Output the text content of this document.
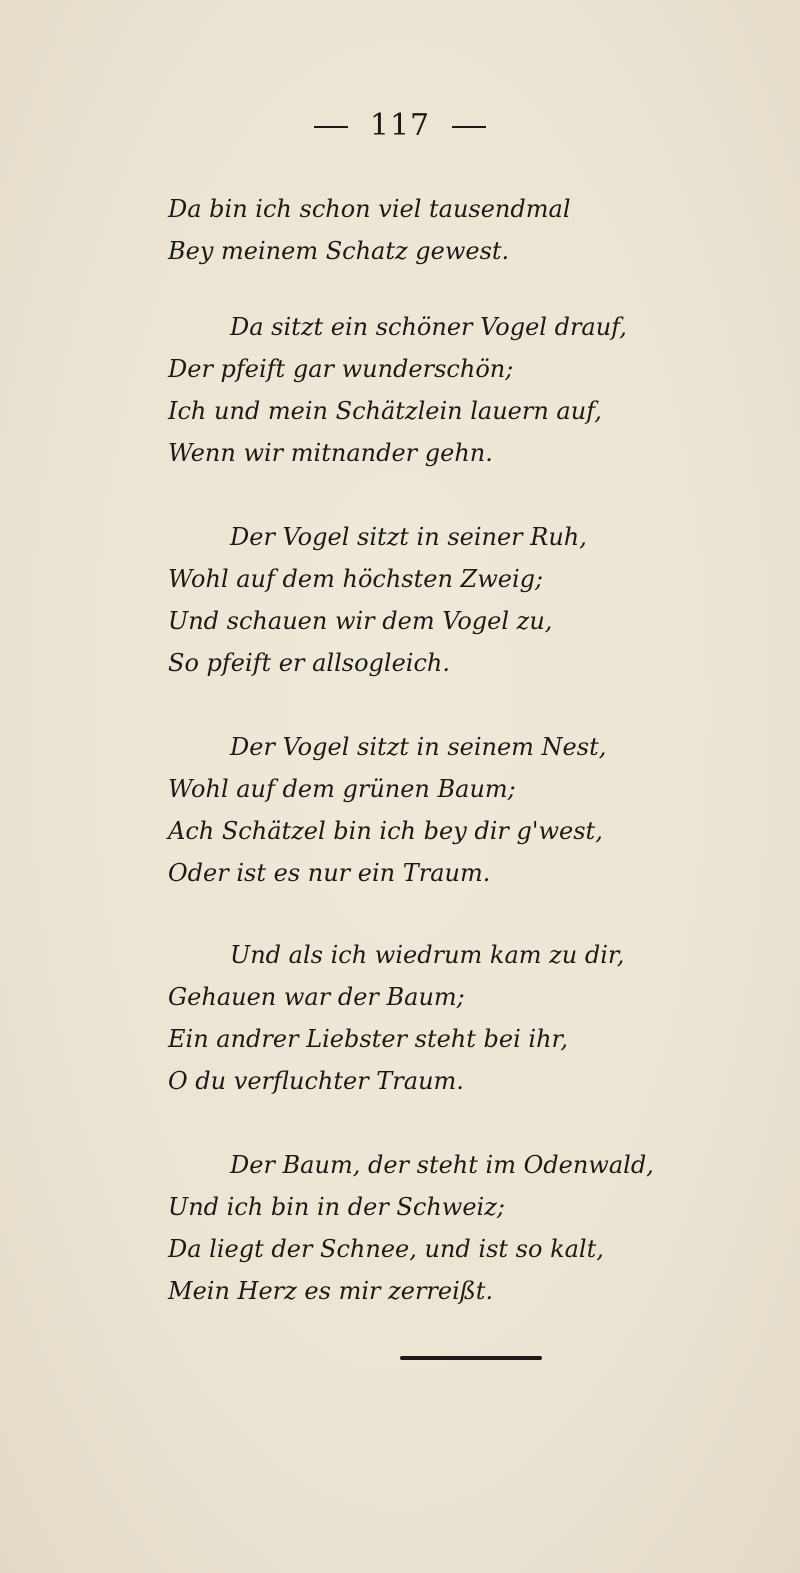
117
Da bin ich schon viel tausendmal
Bey meinem Schatz gewest.
Da sitzt ein schöner Vogel drauf,
Der pfeift gar wunderschön;
Ich und mein Schätzlein lauern auf,
Wenn wir mitnander gehn.
Der Vogel sitzt in seiner Ruh,
Wohl auf dem höchsten Zweig;
Und schauen wir dem Vogel zu,
So pfeift er allsogleich.
Der Vogel sitzt in seinem Nest,
Wohl auf dem grünen Baum;
Ach Schätzel bin ich bey dir g'west,
Oder ist es nur ein Traum.
Und als ich wiedrum kam zu dir,
Gehauen war der Baum;
Ein andrer Liebster steht bei ihr,
O du verfluchter Traum.
Der Baum, der steht im Odenwald,
Und ich bin in der Schweiz;
Da liegt der Schnee, und ist so kalt,
Mein Herz es mir zerreißt.
